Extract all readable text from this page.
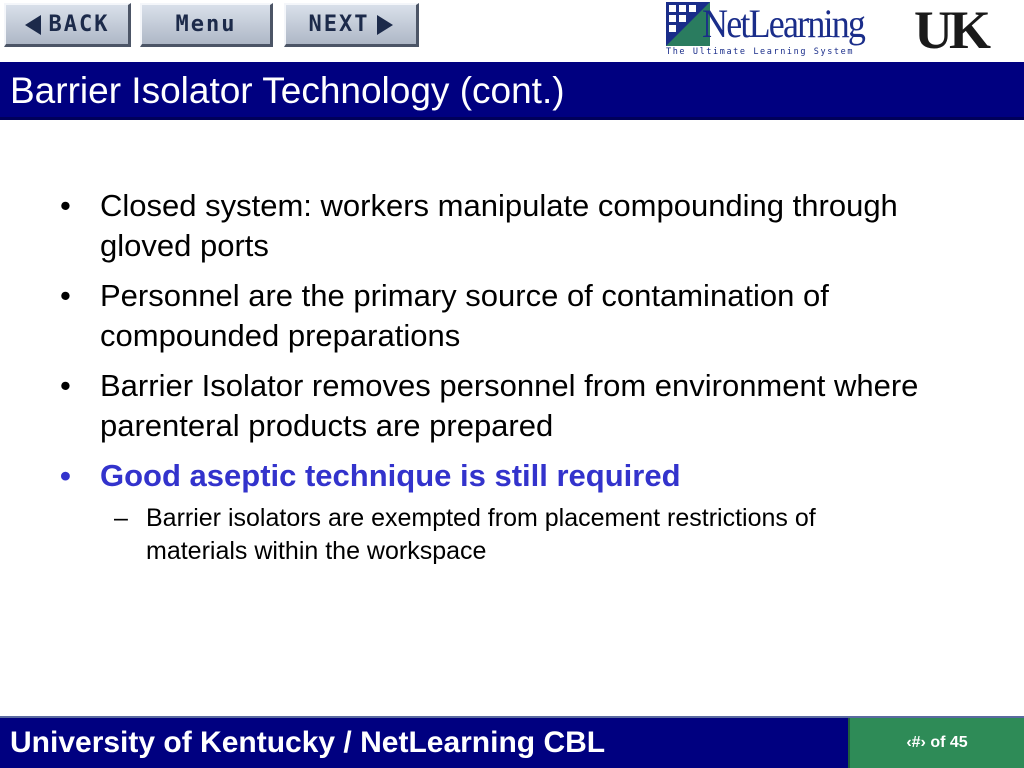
BACK	Menu	NEXT	NetLearning
The Ultimate Learning System UK
Barrier Isolator Technology (cont.)
• Closed system: workers manipulate compounding through gloved ports
• Personnel are the primary source of contamination of compounded preparations
• Barrier Isolator removes personnel from environment where parenteral products are prepared
• Good aseptic technique is still required
– Barrier isolators are exempted from placement restrictions of materials within the workspace
University of Kentucky / NetLearning CBL	‹#› of 45
